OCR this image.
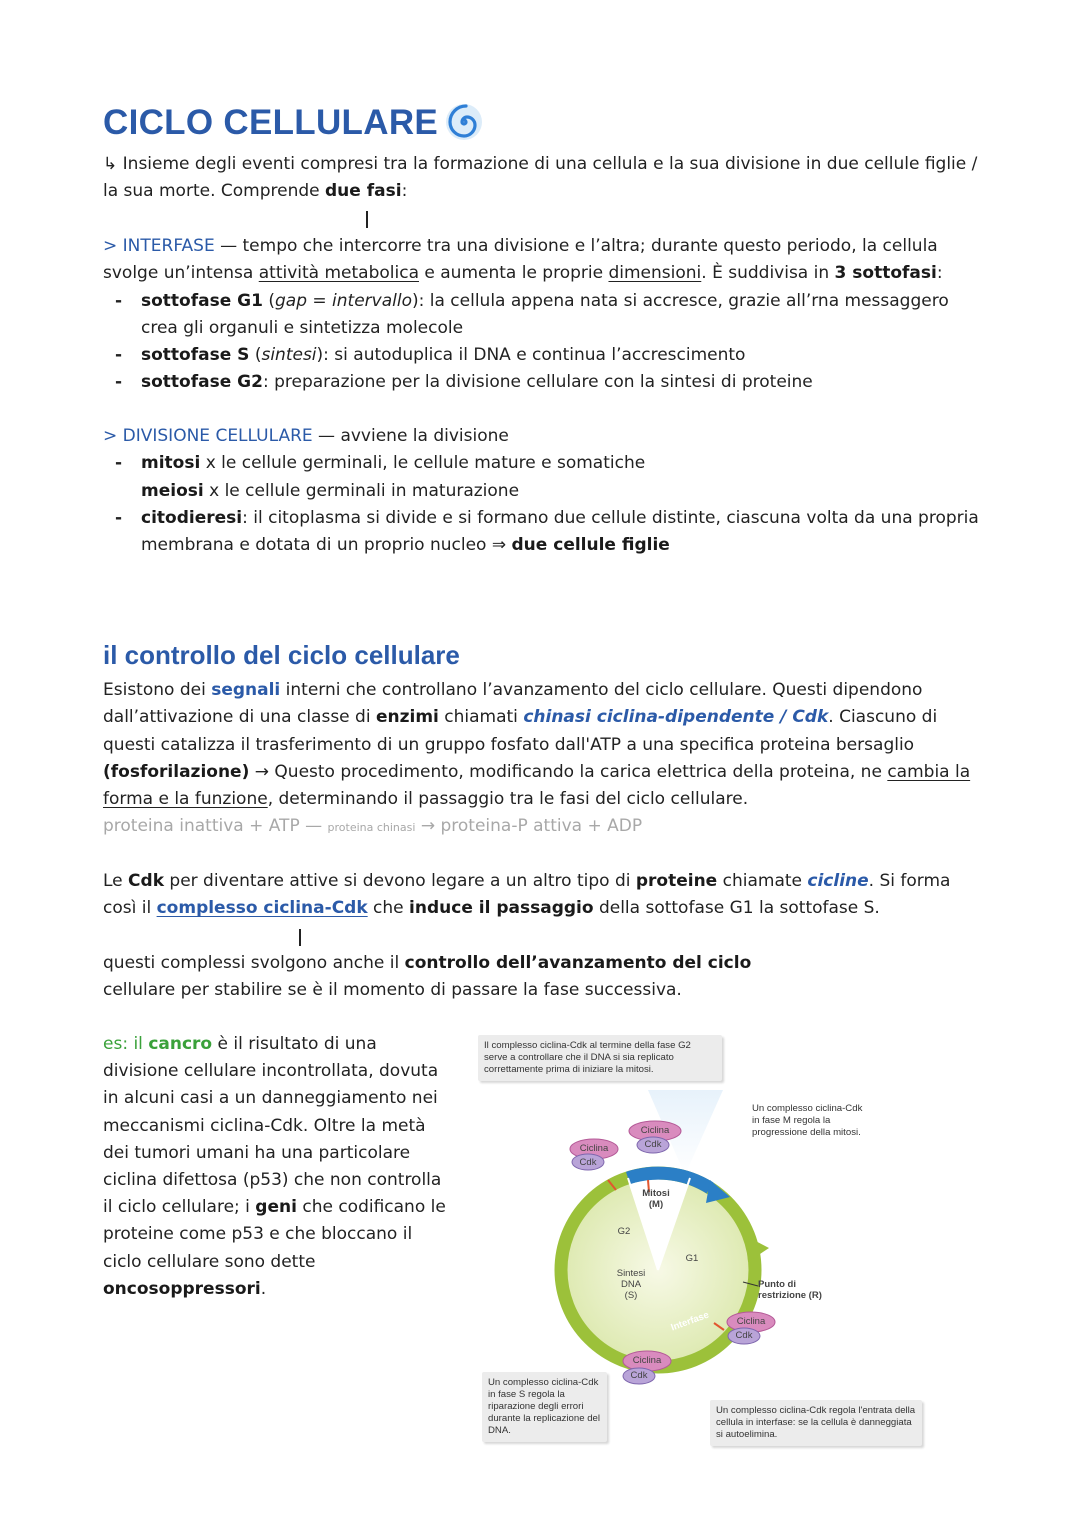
CICLO CELLULARE

↳ Insieme degli eventi compresi tra la formazione di una cellula e la sua divisione in due cellule figlie / la sua morte. Comprende due fasi:

> INTERFASE — tempo che intercorre tra una divisione e l’altra; durante questo periodo, la cellula svolge un’intensa attività metabolica e aumenta le proprie dimensioni. È suddivisa in 3 sottofasi:
- sottofase G1 (gap = intervallo): la cellula appena nata si accresce, grazie all’rna messaggero crea gli organuli e sintetizza molecole
- sottofase S (sintesi): si autoduplica il DNA e continua l’accrescimento
- sottofase G2: preparazione per la divisione cellulare con la sintesi di proteine
> DIVISIONE CELLULARE — avviene la divisione
- mitosi x le cellule germinali, le cellule mature e somatiche
meiosi x le cellule germinali in maturazione
- citodieresi: il citoplasma si divide e si formano due cellule distinte, ciascuna volta da una propria membrana e dotata di un proprio nucleo ⇒ due cellule figlie
il controllo del ciclo cellulare

Esistono dei segnali interni che controllano l’avanzamento del ciclo cellulare. Questi dipendono dall’attivazione di una classe di enzimi chiamati chinasi ciclina-dipendente / Cdk. Ciascuno di questi catalizza il trasferimento di un gruppo fosfato dall'ATP a una specifica proteina bersaglio (fosforilazione) → Questo procedimento, modificando la carica elettrica della proteina, ne cambia la forma e la funzione, determinando il passaggio tra le fasi del ciclo cellulare.
proteina inattiva + ATP — proteina chinasi → proteina-P attiva + ADP

Le Cdk per diventare attive si devono legare a un altro tipo di proteine chiamate cicline. Si forma così il complesso ciclina-Cdk che induce il passaggio della sottofase G1 la sottofase S.

questi complessi svolgono anche il controllo dell’avanzamento del ciclo cellulare per stabilire se è il momento di passare la fase successiva.

es: il cancro è il risultato di una divisione cellulare incontrollata, dovuta in alcuni casi a un danneggiamento nei meccanismi ciclina-Cdk. Oltre la metà dei tumori umani ha una particolare ciclina difettosa (p53) che non controlla il ciclo cellulare; i geni che codificano le proteine come p53 e che bloccano il ciclo cellulare sono dette oncosoppressori.

Il complesso ciclina-Cdk al termine della fase G2 serve a controllare che il DNA si sia replicato correttamente prima di iniziare la mitosi.
Un complesso ciclina-Cdk in fase M regola la progressione della mitosi.
Un complesso ciclina-Cdk in fase S regola la riparazione degli errori durante la replicazione del DNA.
Un complesso ciclina-Cdk regola l'entrata della cellula in interfase: se la cellula è danneggiata si autoelimina.
Mitosi
(M)
G2
G1
Sintesi
DNA
(S)
Interfase
Punto di
restrizione (R)
Ciclina
Cdk
Ciclina
Cdk
Ciclina
Cdk
Ciclina
Cdk
